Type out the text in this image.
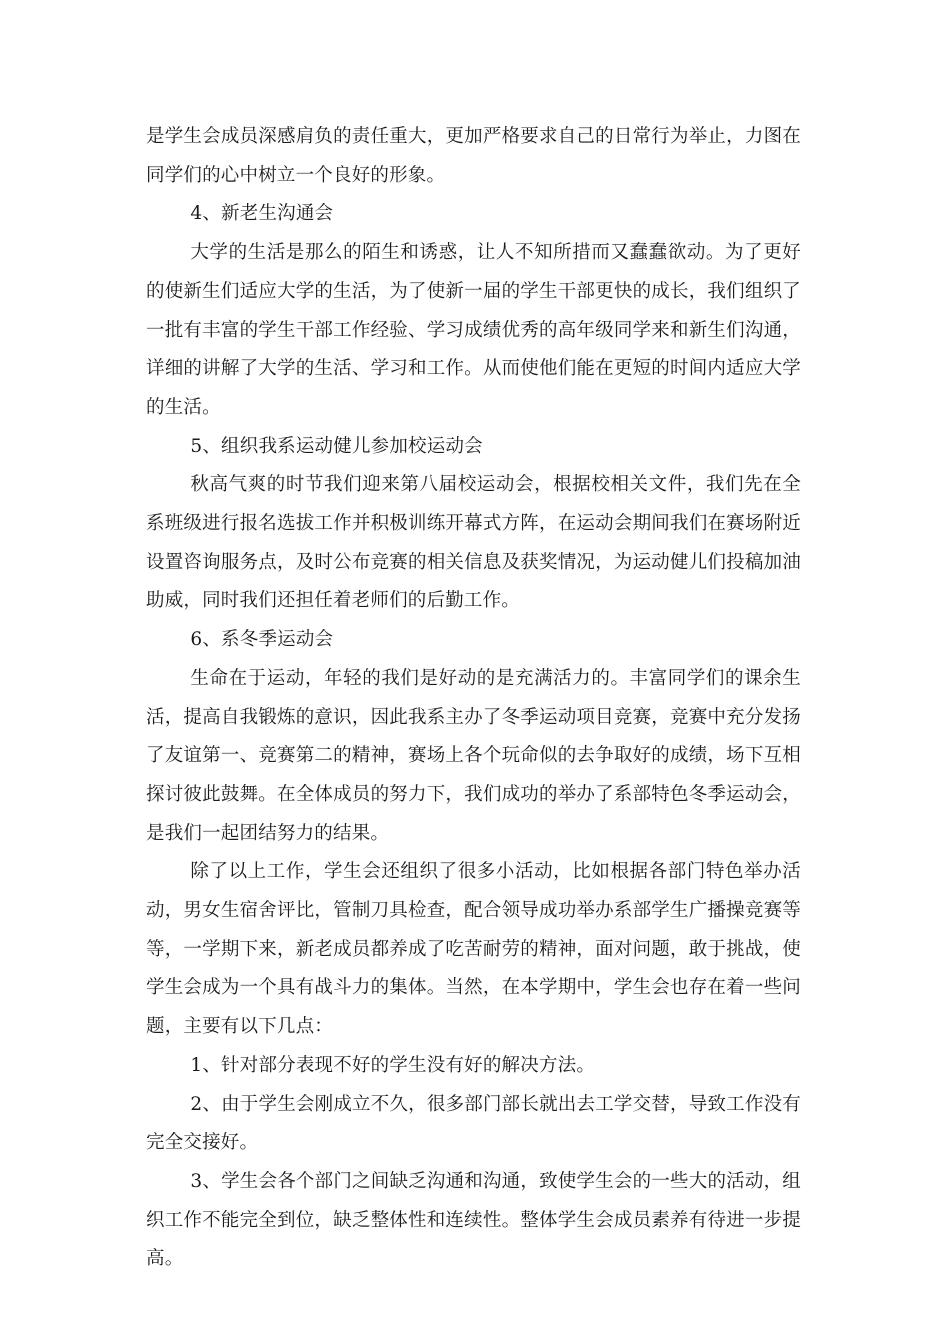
是学生会成员深感肩负的责任重大，更加严格要求自己的日常行为举止，力图在同学们的心中树立一个良好的形象。

4、新老生沟通会

大学的生活是那么的陌生和诱惑，让人不知所措而又蠢蠢欲动。为了更好的使新生们适应大学的生活，为了使新一届的学生干部更快的成长，我们组织了一批有丰富的学生干部工作经验、学习成绩优秀的高年级同学来和新生们沟通，详细的讲解了大学的生活、学习和工作。从而使他们能在更短的时间内适应大学的生活。

5、组织我系运动健儿参加校运动会

秋高气爽的时节我们迎来第八届校运动会，根据校相关文件，我们先在全系班级进行报名选拔工作并积极训练开幕式方阵，在运动会期间我们在赛场附近设置咨询服务点，及时公布竞赛的相关信息及获奖情况，为运动健儿们投稿加油助威，同时我们还担任着老师们的后勤工作。

6、系冬季运动会

生命在于运动，年轻的我们是好动的是充满活力的。丰富同学们的课余生活，提高自我锻炼的意识，因此我系主办了冬季运动项目竞赛，竞赛中充分发扬了友谊第一、竞赛第二的精神，赛场上各个玩命似的去争取好的成绩，场下互相探讨彼此鼓舞。在全体成员的努力下，我们成功的举办了系部特色冬季运动会，是我们一起团结努力的结果。

除了以上工作，学生会还组织了很多小活动，比如根据各部门特色举办活动，男女生宿舍评比，管制刀具检查，配合领导成功举办系部学生广播操竞赛等等，一学期下来，新老成员都养成了吃苦耐劳的精神，面对问题，敢于挑战，使学生会成为一个具有战斗力的集体。当然，在本学期中，学生会也存在着一些问题，主要有以下几点：

1、针对部分表现不好的学生没有好的解决方法。

2、由于学生会刚成立不久，很多部门部长就出去工学交替，导致工作没有完全交接好。

3、学生会各个部门之间缺乏沟通和沟通，致使学生会的一些大的活动，组织工作不能完全到位，缺乏整体性和连续性。整体学生会成员素养有待进一步提高。
